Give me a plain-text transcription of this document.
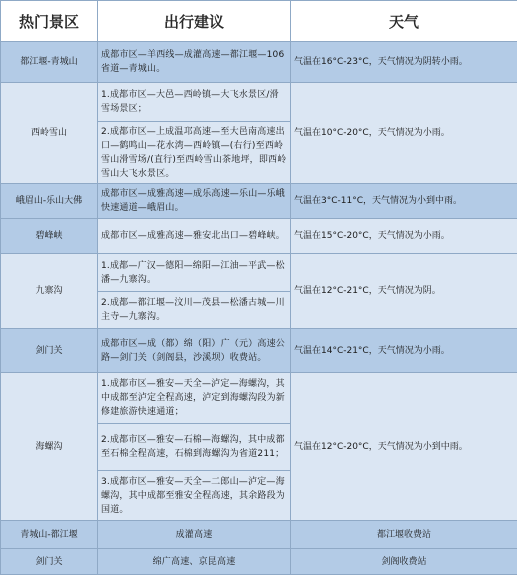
热门景区	出行建议	天气
都江堰-青城山	成都市区—羊西线—成灌高速—都江堰—106省道—青城山。	气温在16°C-23°C，天气情况为阴转小雨。
西岭雪山	1.成都市区—大邑—西岭镇—大飞水景区/滑雪场景区；	气温在10°C-20°C，天气情况为小雨。
	2.成都市区—上成温邛高速—至大邑南高速出口—鹤鸣山—花水湾—西岭镇—(右行)至西岭雪山滑雪场/(直行)至西岭雪山茶地坪，即西岭雪山大飞水景区。	
峨眉山-乐山大佛	成都市区—成雅高速—成乐高速—乐山—乐峨快速通道—峨眉山。	气温在3°C-11°C，天气情况为小到中雨。
碧峰峡	成都市区—成雅高速—雅安北出口—碧峰峡。	气温在15°C-20°C，天气情况为小雨。
九寨沟	1.成都—广汉—德阳—绵阳—江油—平武—松潘—九寨沟。	气温在12°C-21°C，天气情况为阴。
	2.成都—都江堰—汶川—茂县—松潘古城—川主寺—九寨沟。	
剑门关	成都市区—成（都）绵（阳）广（元）高速公路—剑门关（剑阁县，沙溪坝）收费站。	气温在14°C-21°C，天气情况为小雨。
海螺沟	1.成都市区—雅安—天全—泸定—海螺沟，其中成都至泸定全程高速，泸定到海螺沟段为新修建旅游快速通道；	气温在12°C-20°C，天气情况为小到中雨。
	2.成都市区—雅安—石棉—海螺沟，其中成都至石棉全程高速，石棉到海螺沟为省道211；	
	3.成都市区—雅安—天全—二郎山—泸定—海螺沟，其中成都至雅安全程高速，其余路段为国道。	
青城山-都江堰	成灌高速	都江堰收费站
剑门关	绵广高速、京昆高速	剑阁收费站
